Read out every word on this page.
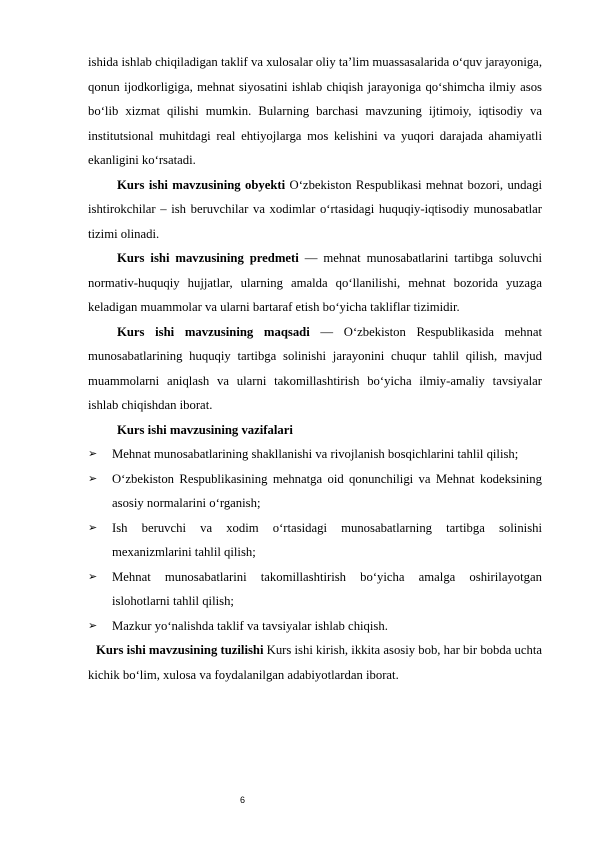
ishida ishlab chiqiladigan taklif va xulosalar oliy ta’lim muassasalarida o‘quv jarayoniga, qonun ijodkorligiga, mehnat siyosatini ishlab chiqish jarayoniga qo‘shimcha ilmiy asos bo‘lib xizmat qilishi mumkin. Bularning barchasi mavzuning ijtimoiy, iqtisodiy va institutsional muhitdagi real ehtiyojlarga mos kelishini va yuqori darajada ahamiyatli ekanligini ko‘rsatadi.

Kurs ishi mavzusining obyekti O‘zbekiston Respublikasi mehnat bozori, undagi ishtirokchilar – ish beruvchilar va xodimlar o‘rtasidagi huquqiy-iqtisodiy munosabatlar tizimi olinadi.

Kurs ishi mavzusining predmeti — mehnat munosabatlarini tartibga soluvchi normativ-huquqiy hujjatlar, ularning amalda qo‘llanilishi, mehnat bozorida yuzaga keladigan muammolar va ularni bartaraf etish bo‘yicha takliflar tizimidir.

Kurs ishi mavzusining maqsadi — O‘zbekiston Respublikasida mehnat munosabatlarining huquqiy tartibga solinishi jarayonini chuqur tahlil qilish, mavjud muammolarni aniqlash va ularni takomillashtirish bo‘yicha ilmiy-amaliy tavsiyalar ishlab chiqishdan iborat.

Kurs ishi mavzusining vazifalari

➢	Mehnat munosabatlarining shakllanishi va rivojlanish bosqichlarini tahlil qilish;
➢	O‘zbekiston Respublikasining mehnatga oid qonunchiligi va Mehnat kodeksining asosiy normalarini o‘rganish;
➢	Ish beruvchi va xodim o‘rtasidagi munosabatlarning tartibga solinishi mexanizmlarini tahlil qilish;
➢	Mehnat munosabatlarini takomillashtirish bo‘yicha amalga oshirilayotgan islohotlarni tahlil qilish;
➢	Mazkur yo‘nalishda taklif va tavsiyalar ishlab chiqish.

Kurs ishi mavzusining tuzilishi Kurs ishi kirish, ikkita asosiy bob, har bir bobda uchta kichik bo‘lim, xulosa va foydalanilgan adabiyotlardan iborat.

6
